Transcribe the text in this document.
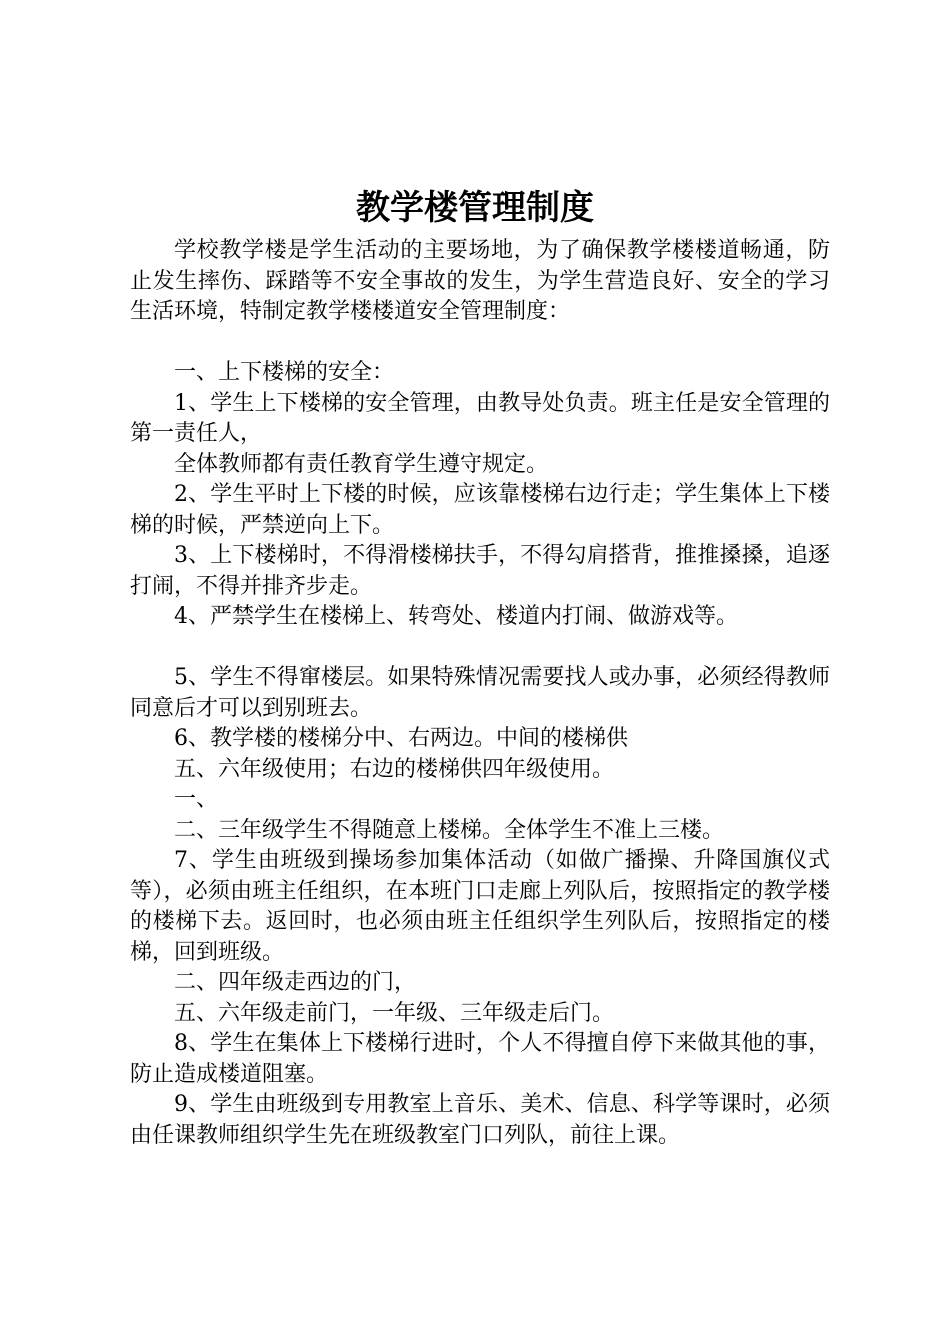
教学楼管理制度

学校教学楼是学生活动的主要场地，为了确保教学楼楼道畅通，防止发生摔伤、踩踏等不安全事故的发生，为学生营造良好、安全的学习生活环境，特制定教学楼楼道安全管理制度：

一、上下楼梯的安全：

1、学生上下楼梯的安全管理，由教导处负责。班主任是安全管理的第一责任人，

全体教师都有责任教育学生遵守规定。

2、学生平时上下楼的时候，应该靠楼梯右边行走；学生集体上下楼梯的时候，严禁逆向上下。

3、上下楼梯时，不得滑楼梯扶手，不得勾肩搭背，推推搡搡，追逐打闹，不得并排齐步走。

4、严禁学生在楼梯上、转弯处、楼道内打闹、做游戏等。

5、学生不得窜楼层。如果特殊情况需要找人或办事，必须经得教师同意后才可以到别班去。

6、教学楼的楼梯分中、右两边。中间的楼梯供

五、六年级使用；右边的楼梯供四年级使用。

一、

二、三年级学生不得随意上楼梯。全体学生不准上三楼。

7、学生由班级到操场参加集体活动（如做广播操、升降国旗仪式等），必须由班主任组织，在本班门口走廊上列队后，按照指定的教学楼的楼梯下去。返回时，也必须由班主任组织学生列队后，按照指定的楼梯，回到班级。

二、四年级走西边的门，

五、六年级走前门，一年级、三年级走后门。

8、学生在集体上下楼梯行进时，个人不得擅自停下来做其他的事，防止造成楼道阻塞。

9、学生由班级到专用教室上音乐、美术、信息、科学等课时，必须由任课教师组织学生先在班级教室门口列队，前往上课。
